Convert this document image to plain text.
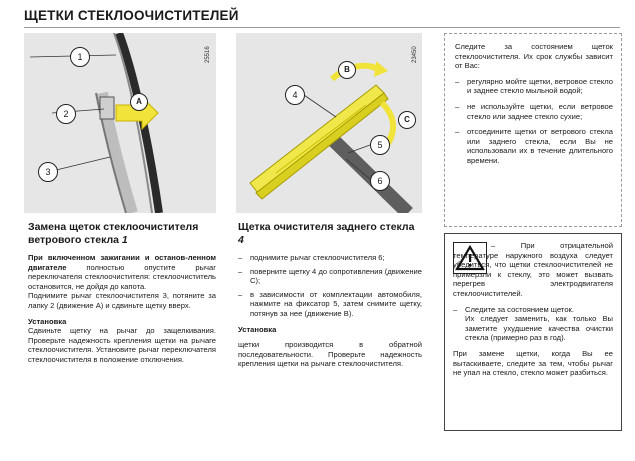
ЩЕТКИ СТЕКЛООЧИСТИТЕЛЕЙ
1
2
3
A
25516
4
5
6
B
C
23450
Замена щеток стеклоочистителя ветрового стекла 1

При включенном зажигании и останов-ленном двигателе полностью опустите рычаг переключателя стеклоочистителя: стеклоочиститель остановится, не дойдя до капота.

Поднимите рычаг стеклоочистителя 3, потяните за лапку 2 (движение A) и сдвиньте щетку вверх.

Установка

Сдвиньте щетку на рычаг до защелкивания. Проверьте надежность крепления щетки на рычаге стеклоочистителя. Установите рычаг переключателя стеклоочистителя в положение отключения.

Щетка очистителя заднего стекла 4

– поднимите рычаг стеклоочистителя 6;

– поверните щетку 4 до сопротивления (движение C);

– в зависимости от комплектации автомобиля, нажмите на фиксатор 5, затем снимите щетку, потянув за нее (движение B).

Установка

щетки производится в обратной последовательности. Проверьте надежность крепления щетки на рычаге стеклоочистителя.

Следите за состоянием щеток стеклоочистителя. Их срок службы зависит от Вас:

– регулярно мойте щетки, ветровое стекло и заднее стекло мыльной водой;

– не используйте щетки, если ветровое стекло или заднее стекло сухие;

– отсоедините щетки от ветрового стекла или заднего стекла, если Вы не использовали их в течение длительного времени.

– При отрицательной температуре наружного воздуха следует убедиться, что щетки стеклоочистителей не примерзли к стеклу, это может вызвать перегрев электродвигателя стеклоочистителей.

– Следите за состоянием щеток.

Их следует заменить, как только Вы заметите ухудшение качества очистки стекла (примерно раз в год).

При замене щетки, когда Вы ее вытаскиваете, следите за тем, чтобы рычаг не упал на стекло, стекло может разбиться.
